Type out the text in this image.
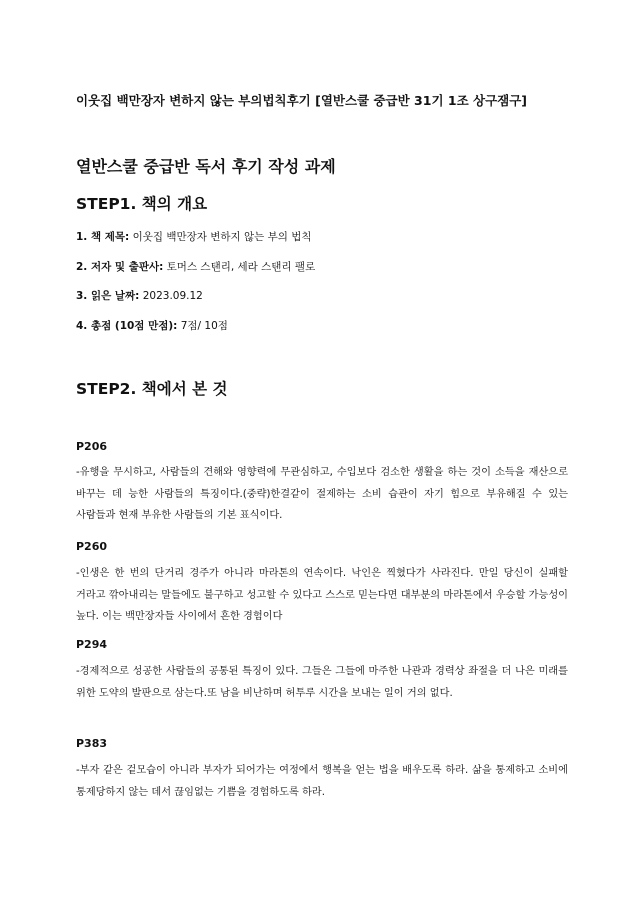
이웃집 백만장자 변하지 않는 부의법칙후기 [열반스쿨 중급반 31기 1조 상구잼구]
열반스쿨 중급반 독서 후기 작성 과제
STEP1. 책의 개요
1. 책 제목: 이웃집 백만장자 변하지 않는 부의 법칙
2. 저자 및 출판사: 토머스 스탠리, 세라 스탠리 팰로
3. 읽은 날짜: 2023.09.12
4. 총점 (10점 만점): 7점/ 10점
STEP2. 책에서 본 것
P206
-유행을 무시하고, 사람들의 견해와 영향력에 무관심하고, 수입보다 검소한 생활을 하는 것이 소득을 재산으로 바꾸는 데 능한 사람들의 특징이다.(중략)한결같이 절제하는 소비 습관이 자기 힘으로 부유해질 수 있는 사람들과 현재 부유한 사람들의 기본 표식이다.
P260
-인생은 한 번의 단거리 경주가 아니라 마라톤의 연속이다. 낙인은 찍혔다가 사라진다. 만일 당신이 실패할 거라고 깎아내리는 말들에도 불구하고 성고할 수 있다고 스스로 믿는다면 대부분의 마라톤에서 우승할 가능성이 높다. 이는 백만장자들 사이에서 흔한 경험이다
P294
-경제적으로 성공한 사람들의 공통된 특징이 있다. 그들은 그들에 마주한 나관과 경력상 좌절을 더 나은 미래를 위한 도약의 발판으로 삼는다.또 남을 비난하며 허투루 시간을 보내는 일이 거의 없다.
P383
-부자 같은 겉모습이 아니라 부자가 되어가는 여정에서 행복을 얻는 법을 배우도록 하라. 삶을 통제하고 소비에 통제당하지 않는 데서 끊임없는 기쁨을 경험하도록 하라.
